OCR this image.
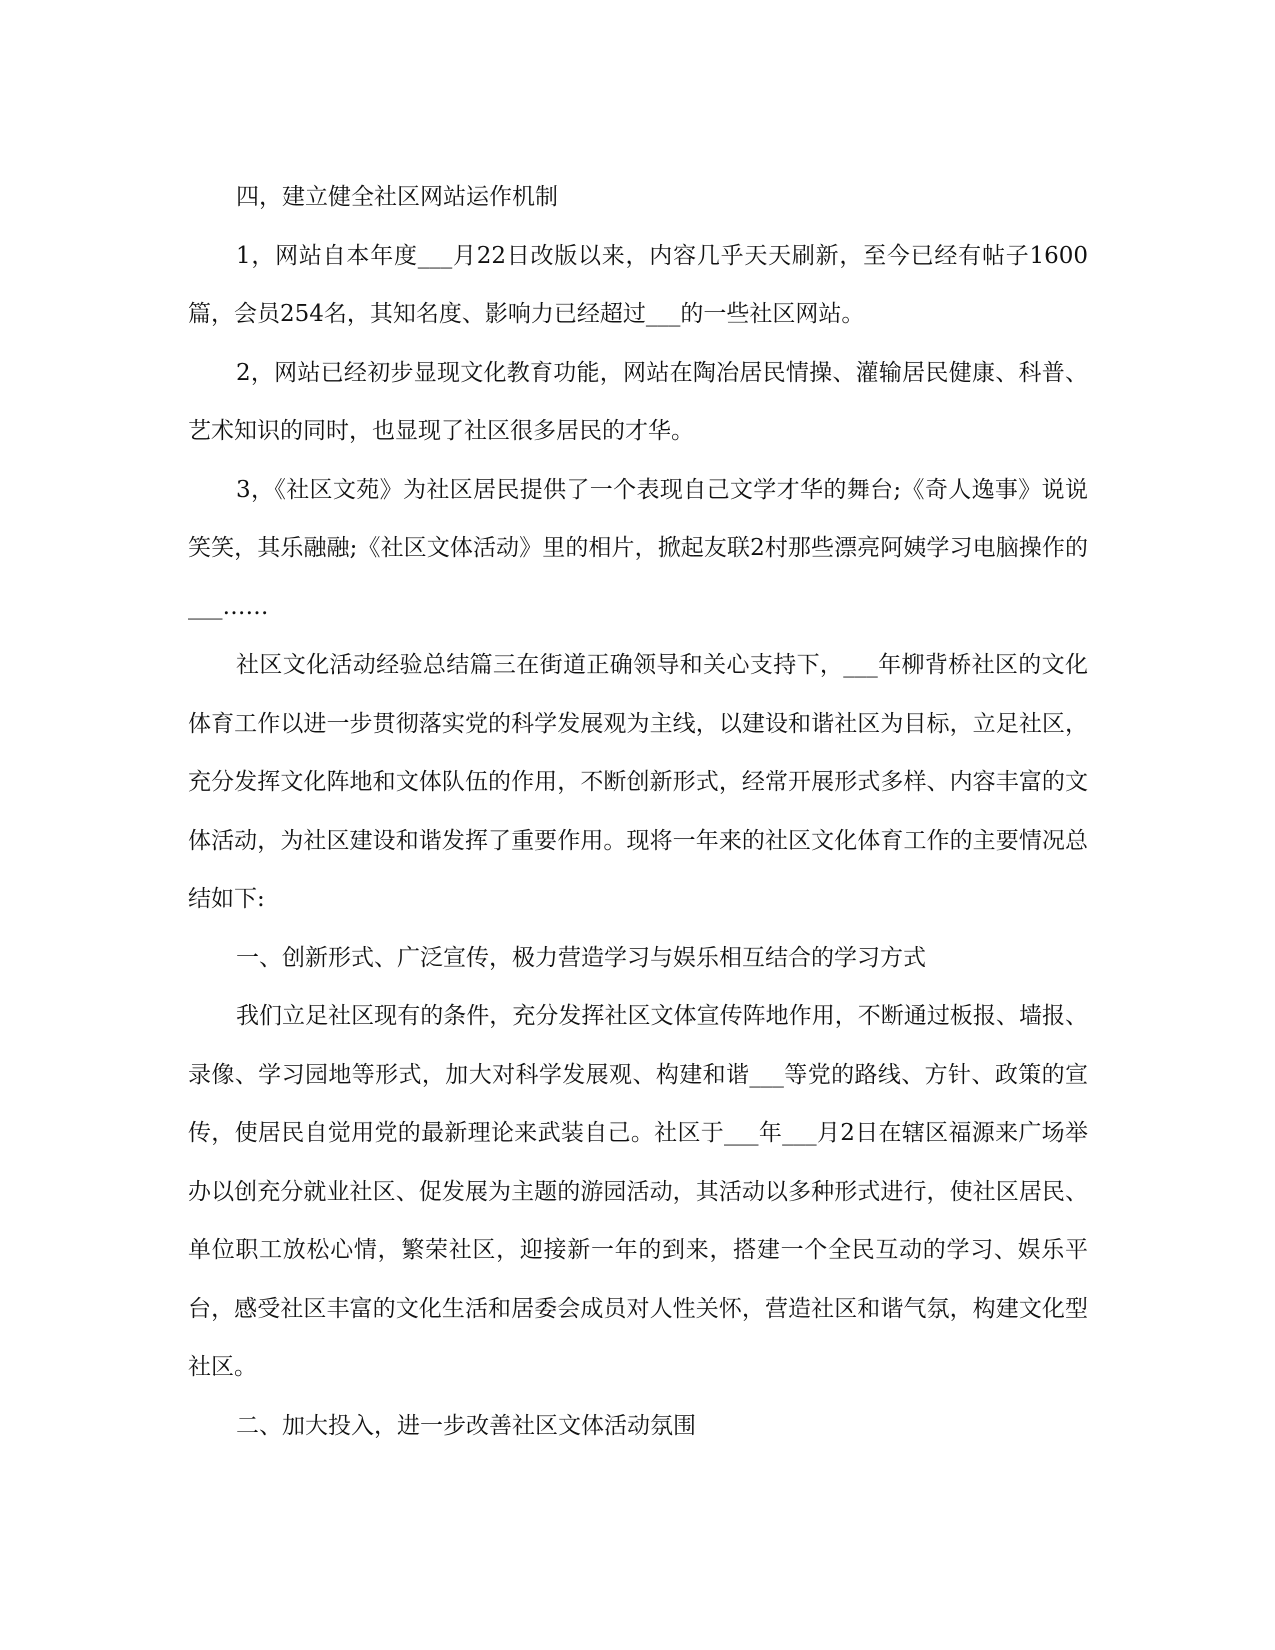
四，建立健全社区网站运作机制

1，网站自本年度___月22日改版以来，内容几乎天天刷新，至今已经有帖子1600篇，会员254名，其知名度、影响力已经超过___的一些社区网站。

2，网站已经初步显现文化教育功能，网站在陶冶居民情操、灌输居民健康、科普、艺术知识的同时，也显现了社区很多居民的才华。

3，《社区文苑》为社区居民提供了一个表现自己文学才华的舞台;《奇人逸事》说说笑笑，其乐融融;《社区文体活动》里的相片，掀起友联2村那些漂亮阿姨学习电脑操作的___……

社区文化活动经验总结篇三在街道正确领导和关心支持下，___年柳背桥社区的文化体育工作以进一步贯彻落实党的科学发展观为主线，以建设和谐社区为目标，立足社区，充分发挥文化阵地和文体队伍的作用，不断创新形式，经常开展形式多样、内容丰富的文体活动，为社区建设和谐发挥了重要作用。现将一年来的社区文化体育工作的主要情况总结如下:

一、创新形式、广泛宣传，极力营造学习与娱乐相互结合的学习方式

我们立足社区现有的条件，充分发挥社区文体宣传阵地作用，不断通过板报、墙报、录像、学习园地等形式，加大对科学发展观、构建和谐___等党的路线、方针、政策的宣传，使居民自觉用党的最新理论来武装自己。社区于___年___月2日在辖区福源来广场举办以创充分就业社区、促发展为主题的游园活动，其活动以多种形式进行，使社区居民、单位职工放松心情，繁荣社区，迎接新一年的到来，搭建一个全民互动的学习、娱乐平台，感受社区丰富的文化生活和居委会成员对人性关怀，营造社区和谐气氛，构建文化型社区。

二、加大投入，进一步改善社区文体活动氛围
